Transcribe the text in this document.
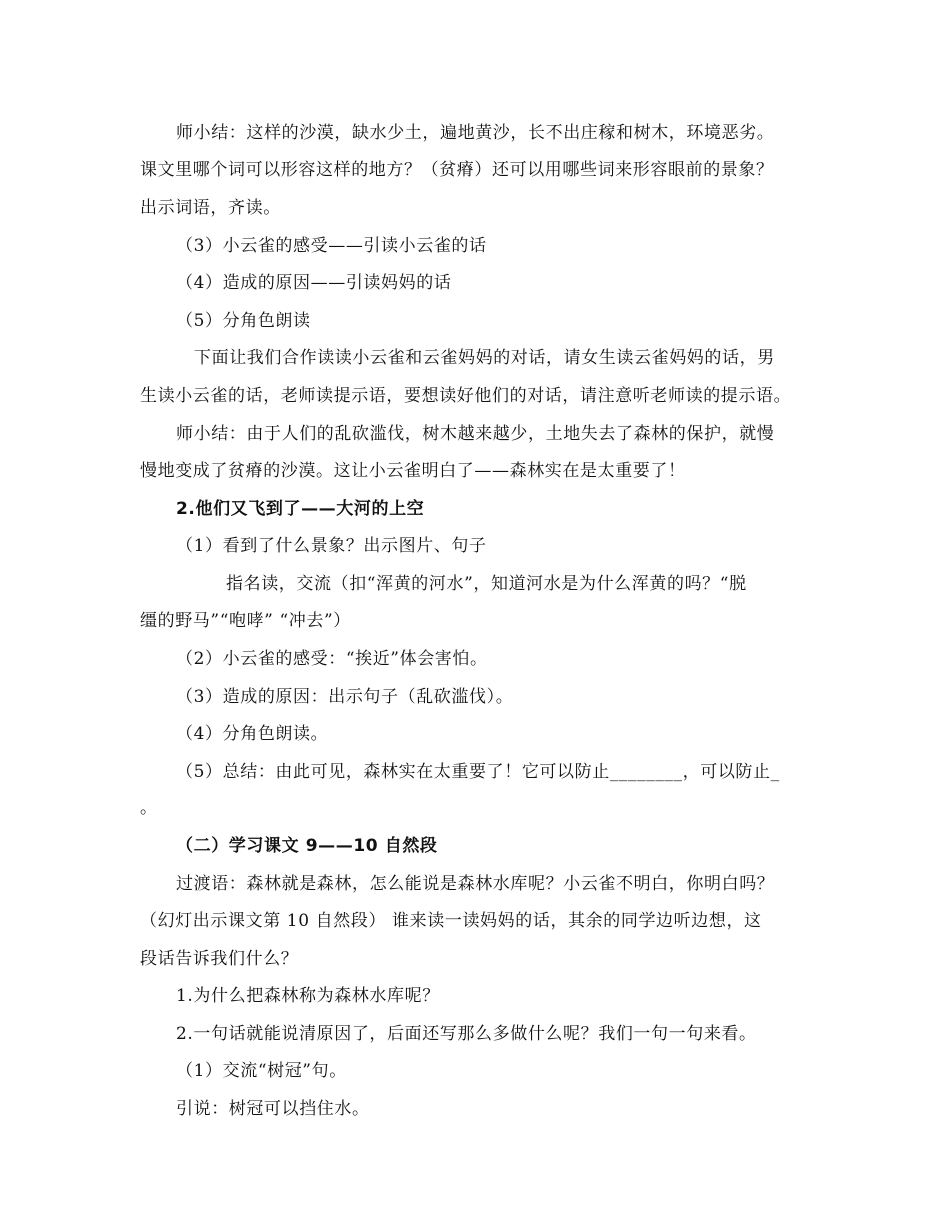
师小结：这样的沙漠，缺水少土，遍地黄沙，长不出庄稼和树木，环境恶劣。
课文里哪个词可以形容这样的地方？（贫瘠）还可以用哪些词来形容眼前的景象？
出示词语，齐读。
（3）小云雀的感受——引读小云雀的话
（4）造成的原因——引读妈妈的话
（5）分角色朗读
下面让我们合作读读小云雀和云雀妈妈的对话，请女生读云雀妈妈的话，男
生读小云雀的话，老师读提示语，要想读好他们的对话，请注意听老师读的提示语。
师小结：由于人们的乱砍滥伐，树木越来越少，土地失去了森林的保护，就慢
慢地变成了贫瘠的沙漠。这让小云雀明白了——森林实在是太重要了！
2.他们又飞到了——大河的上空
（1）看到了什么景象？出示图片、句子
指名读，交流（扣“浑黄的河水”，知道河水是为什么浑黄的吗？“脱
缰的野马”“咆哮” “冲去”）
（2）小云雀的感受：“挨近”体会害怕。
（3）造成的原因：出示句子（乱砍滥伐）。
（4）分角色朗读。
（5）总结：由此可见，森林实在太重要了！它可以防止________，可以防止_
。
（二）学习课文 9——10 自然段
过渡语：森林就是森林，怎么能说是森林水库呢？小云雀不明白，你明白吗？
（幻灯出示课文第 10 自然段） 谁来读一读妈妈的话，其余的同学边听边想，这
段话告诉我们什么？
1.为什么把森林称为森林水库呢？
2.一句话就能说清原因了，后面还写那么多做什么呢？我们一句一句来看。
（1）交流“树冠”句。
引说：树冠可以挡住水。
